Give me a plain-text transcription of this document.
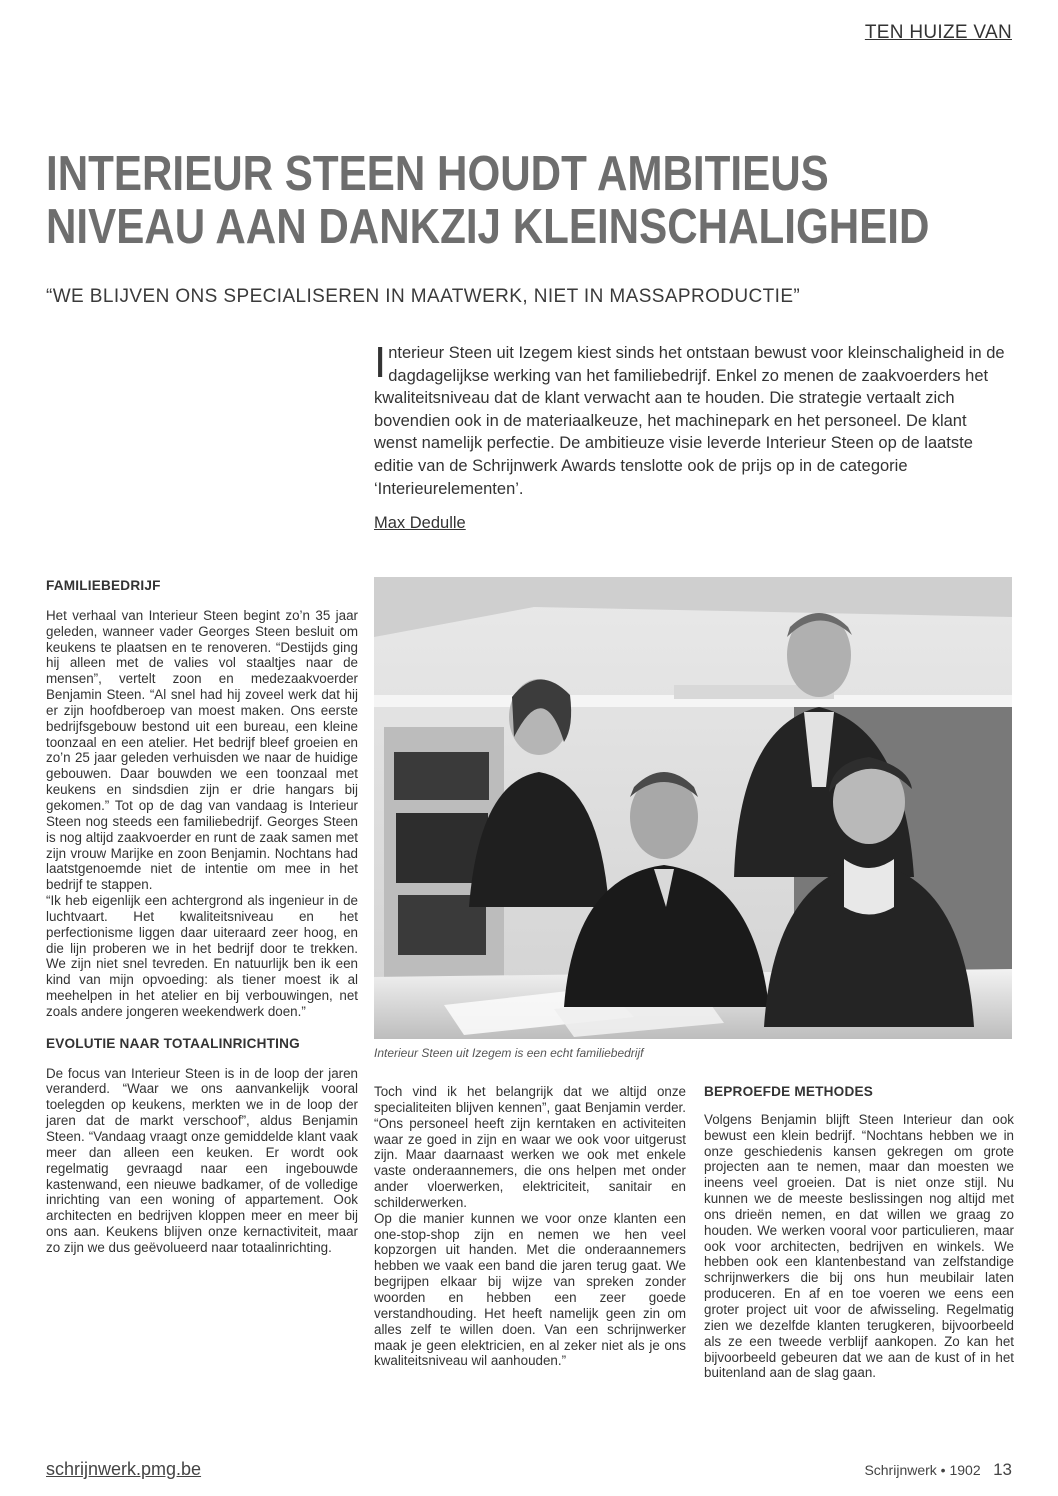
TEN HUIZE VAN
INTERIEUR STEEN HOUDT AMBITIEUS
NIVEAU AAN DANKZIJ KLEINSCHALIGHEID
“WE BLIJVEN ONS SPECIALISEREN IN MAATWERK, NIET IN MASSAPRODUCTIE”
I nterieur Steen uit Izegem kiest sinds het ontstaan bewust voor kleinschaligheid in de dagdagelijkse werking van het familiebedrijf. Enkel zo menen de zaakvoerders het kwaliteitsniveau dat de klant verwacht aan te houden. Die strategie vertaalt zich bovendien ook in de materiaalkeuze, het machinepark en het personeel. De klant wenst namelijk perfectie. De ambitieuze visie leverde Interieur Steen op de laatste editie van de Schrijnwerk Awards tenslotte ook de prijs op in de categorie ‘Interieurelementen’.
Max Dedulle
FAMILIEBEDRIJF

Het verhaal van Interieur Steen begint zo’n 35 jaar geleden, wanneer vader Georges Steen besluit om keukens te plaatsen en te renoveren. “Destijds ging hij alleen met de valies vol staaltjes naar de mensen”, vertelt zoon en medezaakvoerder Benjamin Steen. “Al snel had hij zoveel werk dat hij er zijn hoofdberoep van moest maken. Ons eerste bedrijfsgebouw bestond uit een bureau, een kleine toonzaal en een atelier. Het bedrijf bleef groeien en zo’n 25 jaar geleden verhuisden we naar de huidige gebouwen. Daar bouwden we een toonzaal met keukens en sindsdien zijn er drie hangars bij gekomen.” Tot op de dag van vandaag is Interieur Steen nog steeds een familiebedrijf. Georges Steen is nog altijd zaakvoerder en runt de zaak samen met zijn vrouw Marijke en zoon Benjamin. Nochtans had laatstgenoemde niet de intentie om mee in het bedrijf te stappen.

“Ik heb eigenlijk een achtergrond als ingenieur in de luchtvaart. Het kwaliteitsniveau en het perfectionisme liggen daar uiteraard zeer hoog, en die lijn proberen we in het bedrijf door te trekken. We zijn niet snel tevreden. En natuurlijk ben ik een kind van mijn opvoeding: als tiener moest ik al meehelpen in het atelier en bij verbouwingen, net zoals andere jongeren weekendwerk doen.”

EVOLUTIE NAAR TOTAALINRICHTING

De focus van Interieur Steen is in de loop der jaren veranderd. “Waar we ons aanvankelijk vooral toelegden op keukens, merkten we in de loop der jaren dat de markt verschoof”, aldus Benjamin Steen. “Vandaag vraagt onze gemiddelde klant vaak meer dan alleen een keuken. Er wordt ook regelmatig gevraagd naar een ingebouwde kastenwand, een nieuwe badkamer, of de volledige inrichting van een woning of appartement. Ook architecten en bedrijven kloppen meer en meer bij ons aan. Keukens blijven onze kernactiviteit, maar zo zijn we dus geëvolueerd naar totaalinrichting.

Interieur Steen uit Izegem is een echt familiebedrijf

Toch vind ik het belangrijk dat we altijd onze specialiteiten blijven kennen”, gaat Benjamin verder. “Ons personeel heeft zijn kerntaken en activiteiten waar ze goed in zijn en waar we ook voor uitgerust zijn. Maar daarnaast werken we ook met enkele vaste onderaannemers, die ons helpen met onder ander vloerwerken, elektriciteit, sanitair en schilderwerken.

Op die manier kunnen we voor onze klanten een one-stop-shop zijn en nemen we hen veel kopzorgen uit handen. Met die onderaannemers hebben we vaak een band die jaren terug gaat. We begrijpen elkaar bij wijze van spreken zonder woorden en hebben een zeer goede verstandhouding. Het heeft namelijk geen zin om alles zelf te willen doen. Van een schrijnwerker maak je geen elektricien, en al zeker niet als je ons kwaliteitsniveau wil aanhouden.”

BEPROEFDE METHODES

Volgens Benjamin blijft Steen Interieur dan ook bewust een klein bedrijf. “Nochtans hebben we in onze geschiedenis kansen gekregen om grote projecten aan te nemen, maar dan moesten we ineens veel groeien. Dat is niet onze stijl. Nu kunnen we de meeste beslissingen nog altijd met ons drieën nemen, en dat willen we graag zo houden. We werken vooral voor particulieren, maar ook voor architecten, bedrijven en winkels. We hebben ook een klantenbestand van zelfstandige schrijnwerkers die bij ons hun meubilair laten produceren. En af en toe voeren we eens een groter project uit voor de afwisseling. Regelmatig zien we dezelfde klanten terugkeren, bijvoorbeeld als ze een tweede verblijf aankopen. Zo kan het bijvoorbeeld gebeuren dat we aan de kust of in het buitenland aan de slag gaan.

schrijnwerk.pmg.be	Schrijnwerk • 1902 13
